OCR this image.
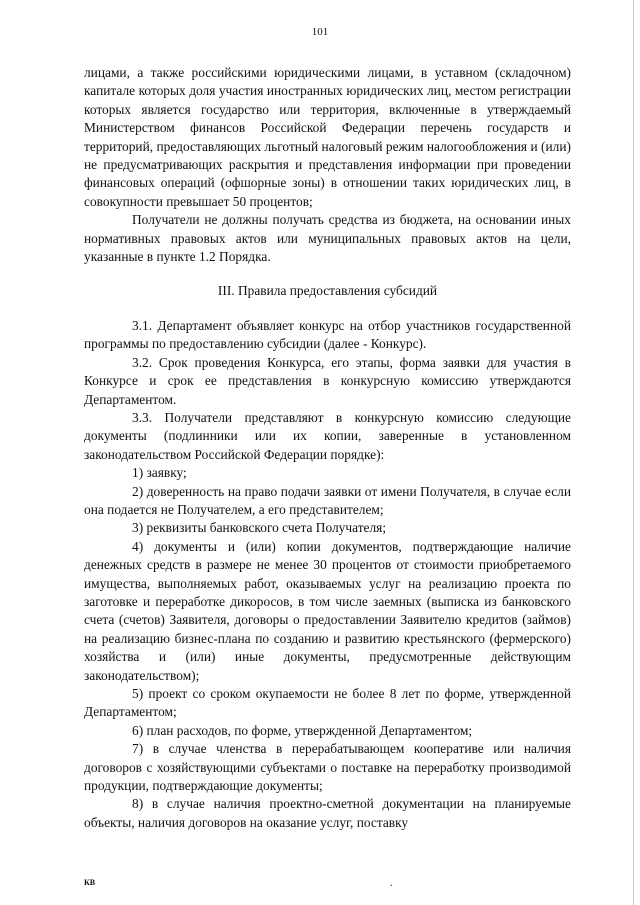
101

лицами, а также российскими юридическими лицами, в уставном (складочном) капитале которых доля участия иностранных юридических лиц, местом регистрации которых является государство или территория, включенные в утверждаемый Министерством финансов Российской Федерации перечень государств и территорий, предоставляющих льготный налоговый режим налогообложения и (или) не предусматривающих раскрытия и представления информации при проведении финансовых операций (офшорные зоны) в отношении таких юридических лиц, в совокупности превышает 50 процентов;

Получатели не должны получать средства из бюджета, на основании иных нормативных правовых актов или муниципальных правовых актов на цели, указанные в пункте 1.2 Порядка.

III. Правила предоставления субсидий

3.1. Департамент объявляет конкурс на отбор участников государственной программы по предоставлению субсидии (далее - Конкурс).

3.2. Срок проведения Конкурса, его этапы, форма заявки для участия в Конкурсе и срок ее представления в конкурсную комиссию утверждаются Департаментом.

3.3. Получатели представляют в конкурсную комиссию следующие документы (подлинники или их копии, заверенные в установленном законодательством Российской Федерации порядке):

1) заявку;

2) доверенность на право подачи заявки от имени Получателя, в случае если она подается не Получателем, а его представителем;

3) реквизиты банковского счета Получателя;

4) документы и (или) копии документов, подтверждающие наличие денежных средств в размере не менее 30 процентов от стоимости приобретаемого имущества, выполняемых работ, оказываемых услуг на реализацию проекта по заготовке и переработке дикоросов, в том числе заемных (выписка из банковского счета (счетов) Заявителя, договоры о предоставлении Заявителю кредитов (займов) на реализацию бизнес-плана по созданию и развитию крестьянского (фермерского) хозяйства и (или) иные документы, предусмотренные действующим законодательством);

5) проект со сроком окупаемости не более 8 лет по форме, утвержденной Департаментом;

6) план расходов, по форме, утвержденной Департаментом;

7) в случае членства в перерабатывающем кооперативе или наличия договоров с хозяйствующими субъектами о поставке на переработку производимой продукции, подтверждающие документы;

8) в случае наличия проектно-сметной документации на планируемые объекты, наличия договоров на оказание услуг, поставку

КВ	.
